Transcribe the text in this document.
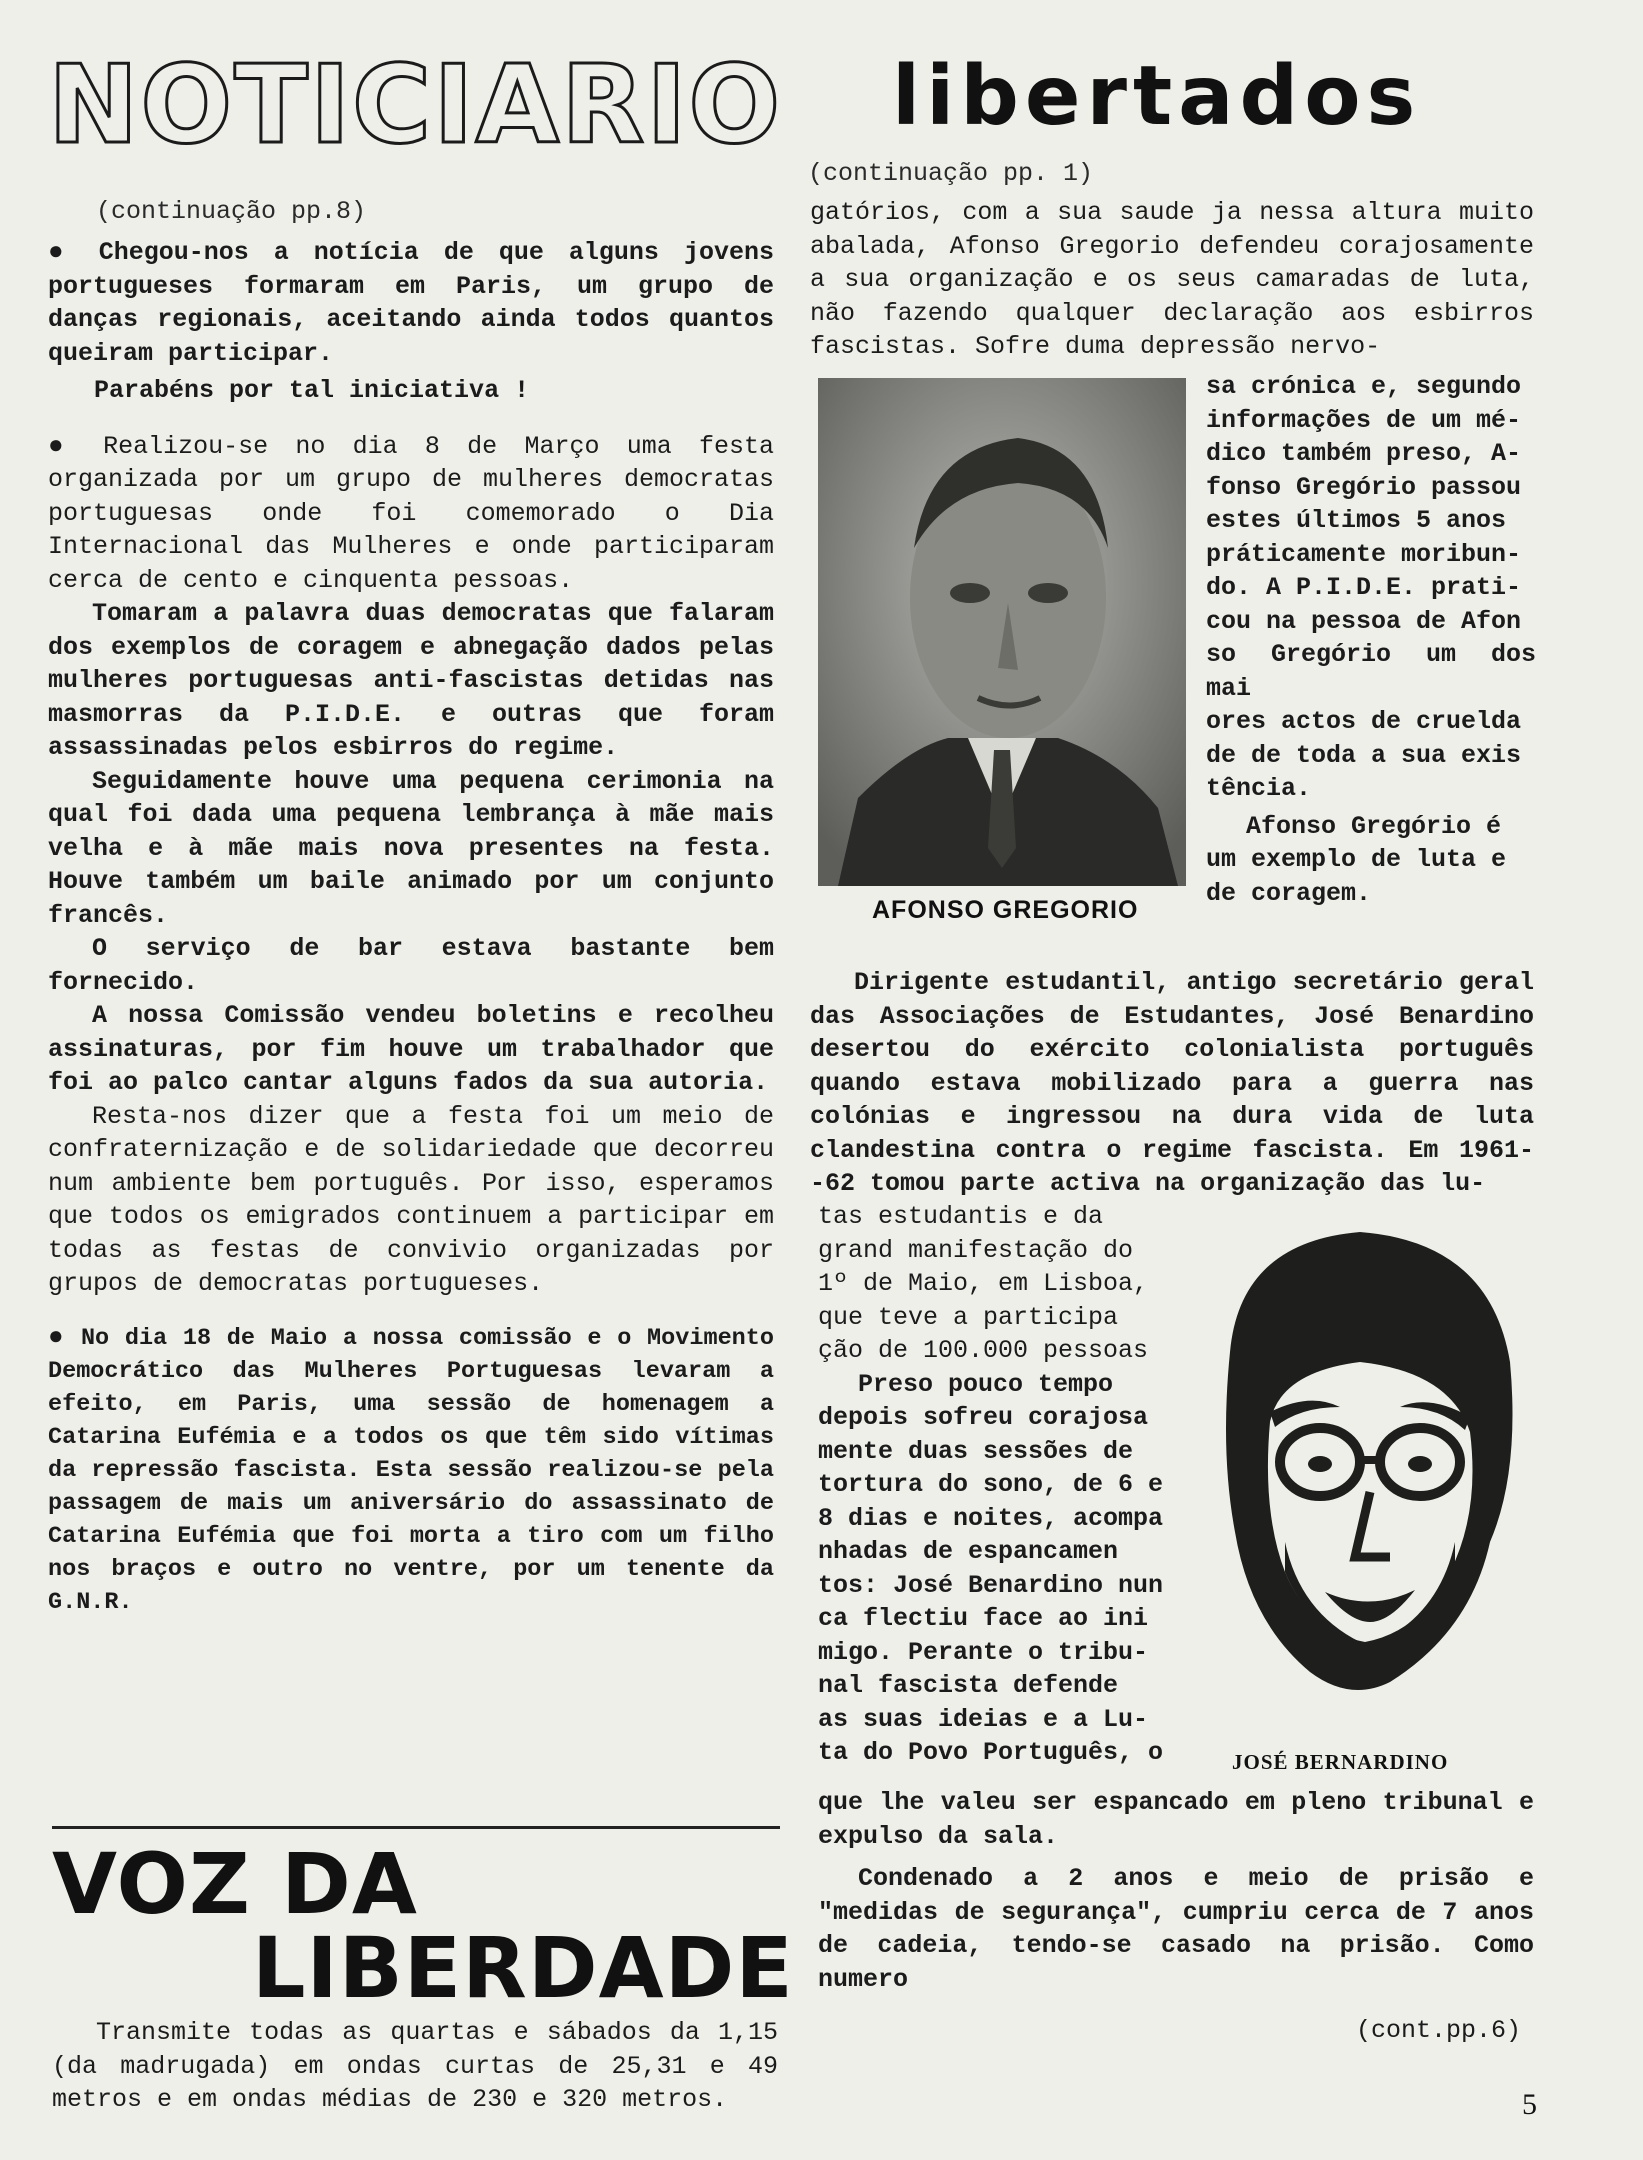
NOTICIARIO
(continuação pp.8)
● Chegou-nos a notícia de que alguns jovens portugueses formaram em Paris, um grupo de danças regionais, aceitando ainda todos quantos queiram participar.
Parabéns por tal iniciativa !
● Realizou-se no dia 8 de Março uma festa organizada por um grupo de mulheres democratas portuguesas onde foi comemorado o Dia Internacional das Mulheres e onde participaram cerca de cento e cinquenta pessoas.
Tomaram a palavra duas democratas que falaram dos exemplos de coragem e abnegação dados pelas mulheres portuguesas anti-fascistas detidas nas masmorras da P.I.D.E. e outras que foram assassinadas pelos esbirros do regime.
Seguidamente houve uma pequena cerimonia na qual foi dada uma pequena lembrança à mãe mais velha e à mãe mais nova presentes na festa. Houve também um baile animado por um conjunto francês.
O serviço de bar estava bastante bem fornecido.
A nossa Comissão vendeu boletins e recolheu assinaturas, por fim houve um trabalhador que foi ao palco cantar alguns fados da sua autoria.
Resta-nos dizer que a festa foi um meio de confraternização e de solidariedade que decorreu num ambiente bem português. Por isso, esperamos que todos os emigrados continuem a participar em todas as festas de convivio organizadas por grupos de democratas portugueses.
● No dia 18 de Maio a nossa comissão e o Movimento Democrático das Mulheres Portuguesas levaram a efeito, em Paris, uma sessão de homenagem a Catarina Eufémia e a todos os que têm sido vítimas da repressão fascista. Esta sessão realizou-se pela passagem de mais um aniversário do assassinato de Catarina Eufémia que foi morta a tiro com um filho nos braços e outro no ventre, por um tenente da G.N.R.
VOZ DA
LIBERDADE
Transmite todas as quartas e sábados da 1,15 (da madrugada) em ondas curtas de 25,31 e 49 metros e em ondas médias de 230 e 320 metros.
libertados
(continuação pp. 1)
gatórios, com a sua saude ja nessa altura muito abalada, Afonso Gregorio defendeu corajosamente a sua organização e os seus camaradas de luta, não fazendo qualquer declaração aos esbirros fascistas. Sofre duma depressão nervo-
AFONSO GREGORIO
sa crónica e, segundo
informações de um mé-
dico também preso, A-
fonso Gregório passou
estes últimos 5 anos
práticamente moribun-
do. A P.I.D.E. prati-
cou na pessoa de Afon
so Gregório um dos mai
ores actos de cruelda
de de toda a sua exis
tência.
Afonso Gregório é
um exemplo de luta e
de coragem.
Dirigente estudantil, antigo secretário geral das Associações de Estudantes, José Benardino desertou do exército colonialista português quando estava mobilizado para a guerra nas colónias e ingressou na dura vida de luta clandestina contra o regime fascista. Em 1961--62 tomou parte activa na organização das lu-
tas estudantis e da
grand manifestação do
1º de Maio, em Lisboa,
que teve a participa
ção de 100.000 pessoas
Preso pouco tempo
depois sofreu corajosa
mente duas sessões de
tortura do sono, de 6 e
8 dias e noites, acompa
nhadas de espancamen
tos: José Benardino nun
ca flectiu face ao ini
migo. Perante o tribu-
nal fascista defende
as suas ideias e a Lu-
ta do Povo Português, o	JOSÉ BERNARDINO
que lhe valeu ser espancado em pleno tribunal e expulso da sala.
Condenado a 2 anos e meio de prisão e "medidas de segurança", cumpriu cerca de 7 anos de cadeia, tendo-se casado na prisão. Como numero
(cont.pp.6)
5
